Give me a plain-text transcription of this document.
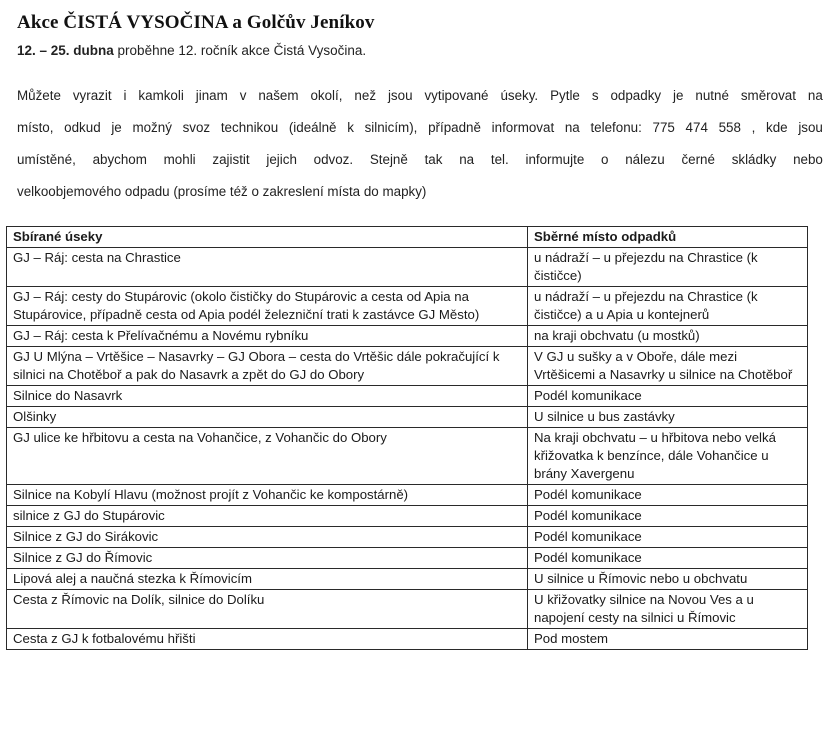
Akce ČISTÁ VYSOČINA a Golčův Jeníkov
12. – 25. dubna proběhne 12. ročník akce Čistá Vysočina.
Můžete vyrazit i kamkoli jinam v našem okolí, než jsou vytipované úseky. Pytle s odpadky je nutné směrovat na
místo, odkud je možný svoz technikou (ideálně k silnicím), případně informovat na telefonu: 775 474 558 , kde jsou
umístěné, abychom mohli zajistit jejich odvoz. Stejně tak na tel. informujte o nálezu černé skládky nebo
velkoobjemového odpadu (prosíme též o zakreslení místa do mapky)
Sbírané úseky	Sběrné místo odpadků
GJ – Ráj: cesta na Chrastice	u nádraží – u přejezdu na Chrastice (k čističce)
GJ – Ráj: cesty do Stupárovic (okolo čističky do Stupárovic a cesta od Apia na Stupárovice, případně cesta od Apia podél železniční trati k zastávce GJ Město)	u nádraží – u přejezdu na Chrastice (k čističce) a u Apia u kontejnerů
GJ – Ráj: cesta k Přelívačnému a Novému rybníku	na kraji obchvatu (u mostků)
GJ U Mlýna – Vrtěšice – Nasavrky – GJ Obora – cesta do Vrtěšic dále pokračující k silnici na Chotěboř a pak do Nasavrk a zpět do GJ do Obory	V GJ u sušky a v Oboře, dále mezi Vrtěšicemi a Nasavrky u silnice na Chotěboř
Silnice do Nasavrk	Podél komunikace
Olšinky	U silnice u bus zastávky
GJ ulice ke hřbitovu a cesta na Vohančice, z Vohančic do Obory	Na kraji obchvatu – u hřbitova nebo velká křižovatka k benzínce, dále Vohančice u brány Xavergenu
Silnice na Kobylí Hlavu (možnost projít z Vohančic ke kompostárně)	Podél komunikace
silnice z GJ do Stupárovic	Podél komunikace
Silnice z GJ do Sirákovic	Podél komunikace
Silnice z GJ do Římovic	Podél komunikace
Lipová alej a naučná stezka k Římovicím	U silnice u Římovic nebo u obchvatu
Cesta z Římovic na Dolík, silnice do Dolíku	U křižovatky silnice na Novou Ves a u napojení cesty na silnici u Římovic
Cesta z GJ k fotbalovému hřišti	Pod mostem
